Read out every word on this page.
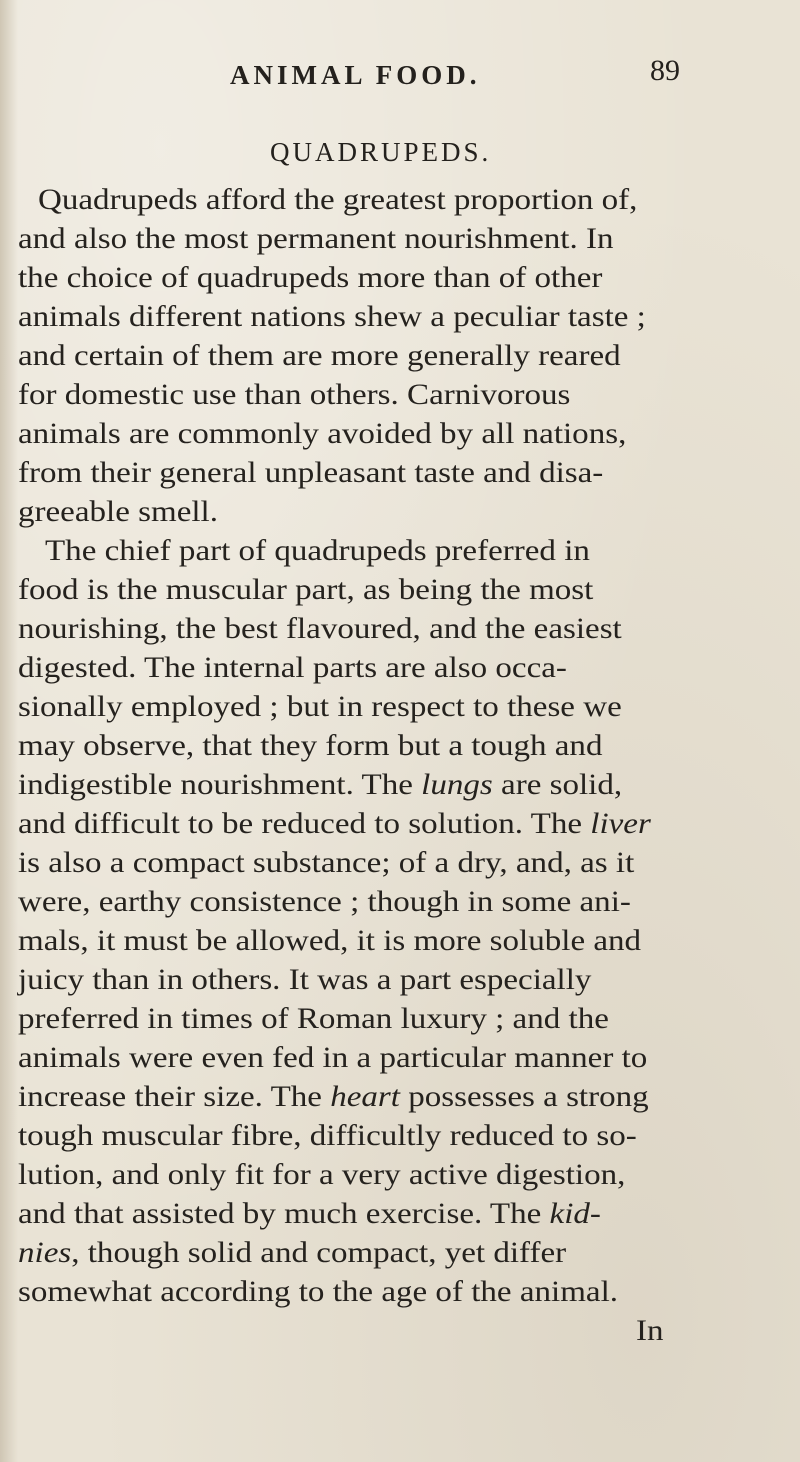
ANIMAL FOOD.	89
QUADRUPEDS.
Quadrupeds afford the greatest proportion of,
and also the most permanent nourishment. In
the choice of quadrupeds more than of other
animals different nations shew a peculiar taste ;
and certain of them are more generally reared
for domestic use than others. Carnivorous
animals are commonly avoided by all nations,
from their general unpleasant taste and disa-
greeable smell.
The chief part of quadrupeds preferred in
food is the muscular part, as being the most
nourishing, the best flavoured, and the easiest
digested. The internal parts are also occa-
sionally employed ; but in respect to these we
may observe, that they form but a tough and
indigestible nourishment. The lungs are solid,
and difficult to be reduced to solution. The liver
is also a compact substance; of a dry, and, as it
were, earthy consistence ; though in some ani-
mals, it must be allowed, it is more soluble and
juicy than in others. It was a part especially
preferred in times of Roman luxury ; and the
animals were even fed in a particular manner to
increase their size. The heart possesses a strong
tough muscular fibre, difficultly reduced to so-
lution, and only fit for a very active digestion,
and that assisted by much exercise. The kid-
nies, though solid and compact, yet differ
somewhat according to the age of the animal.
In
